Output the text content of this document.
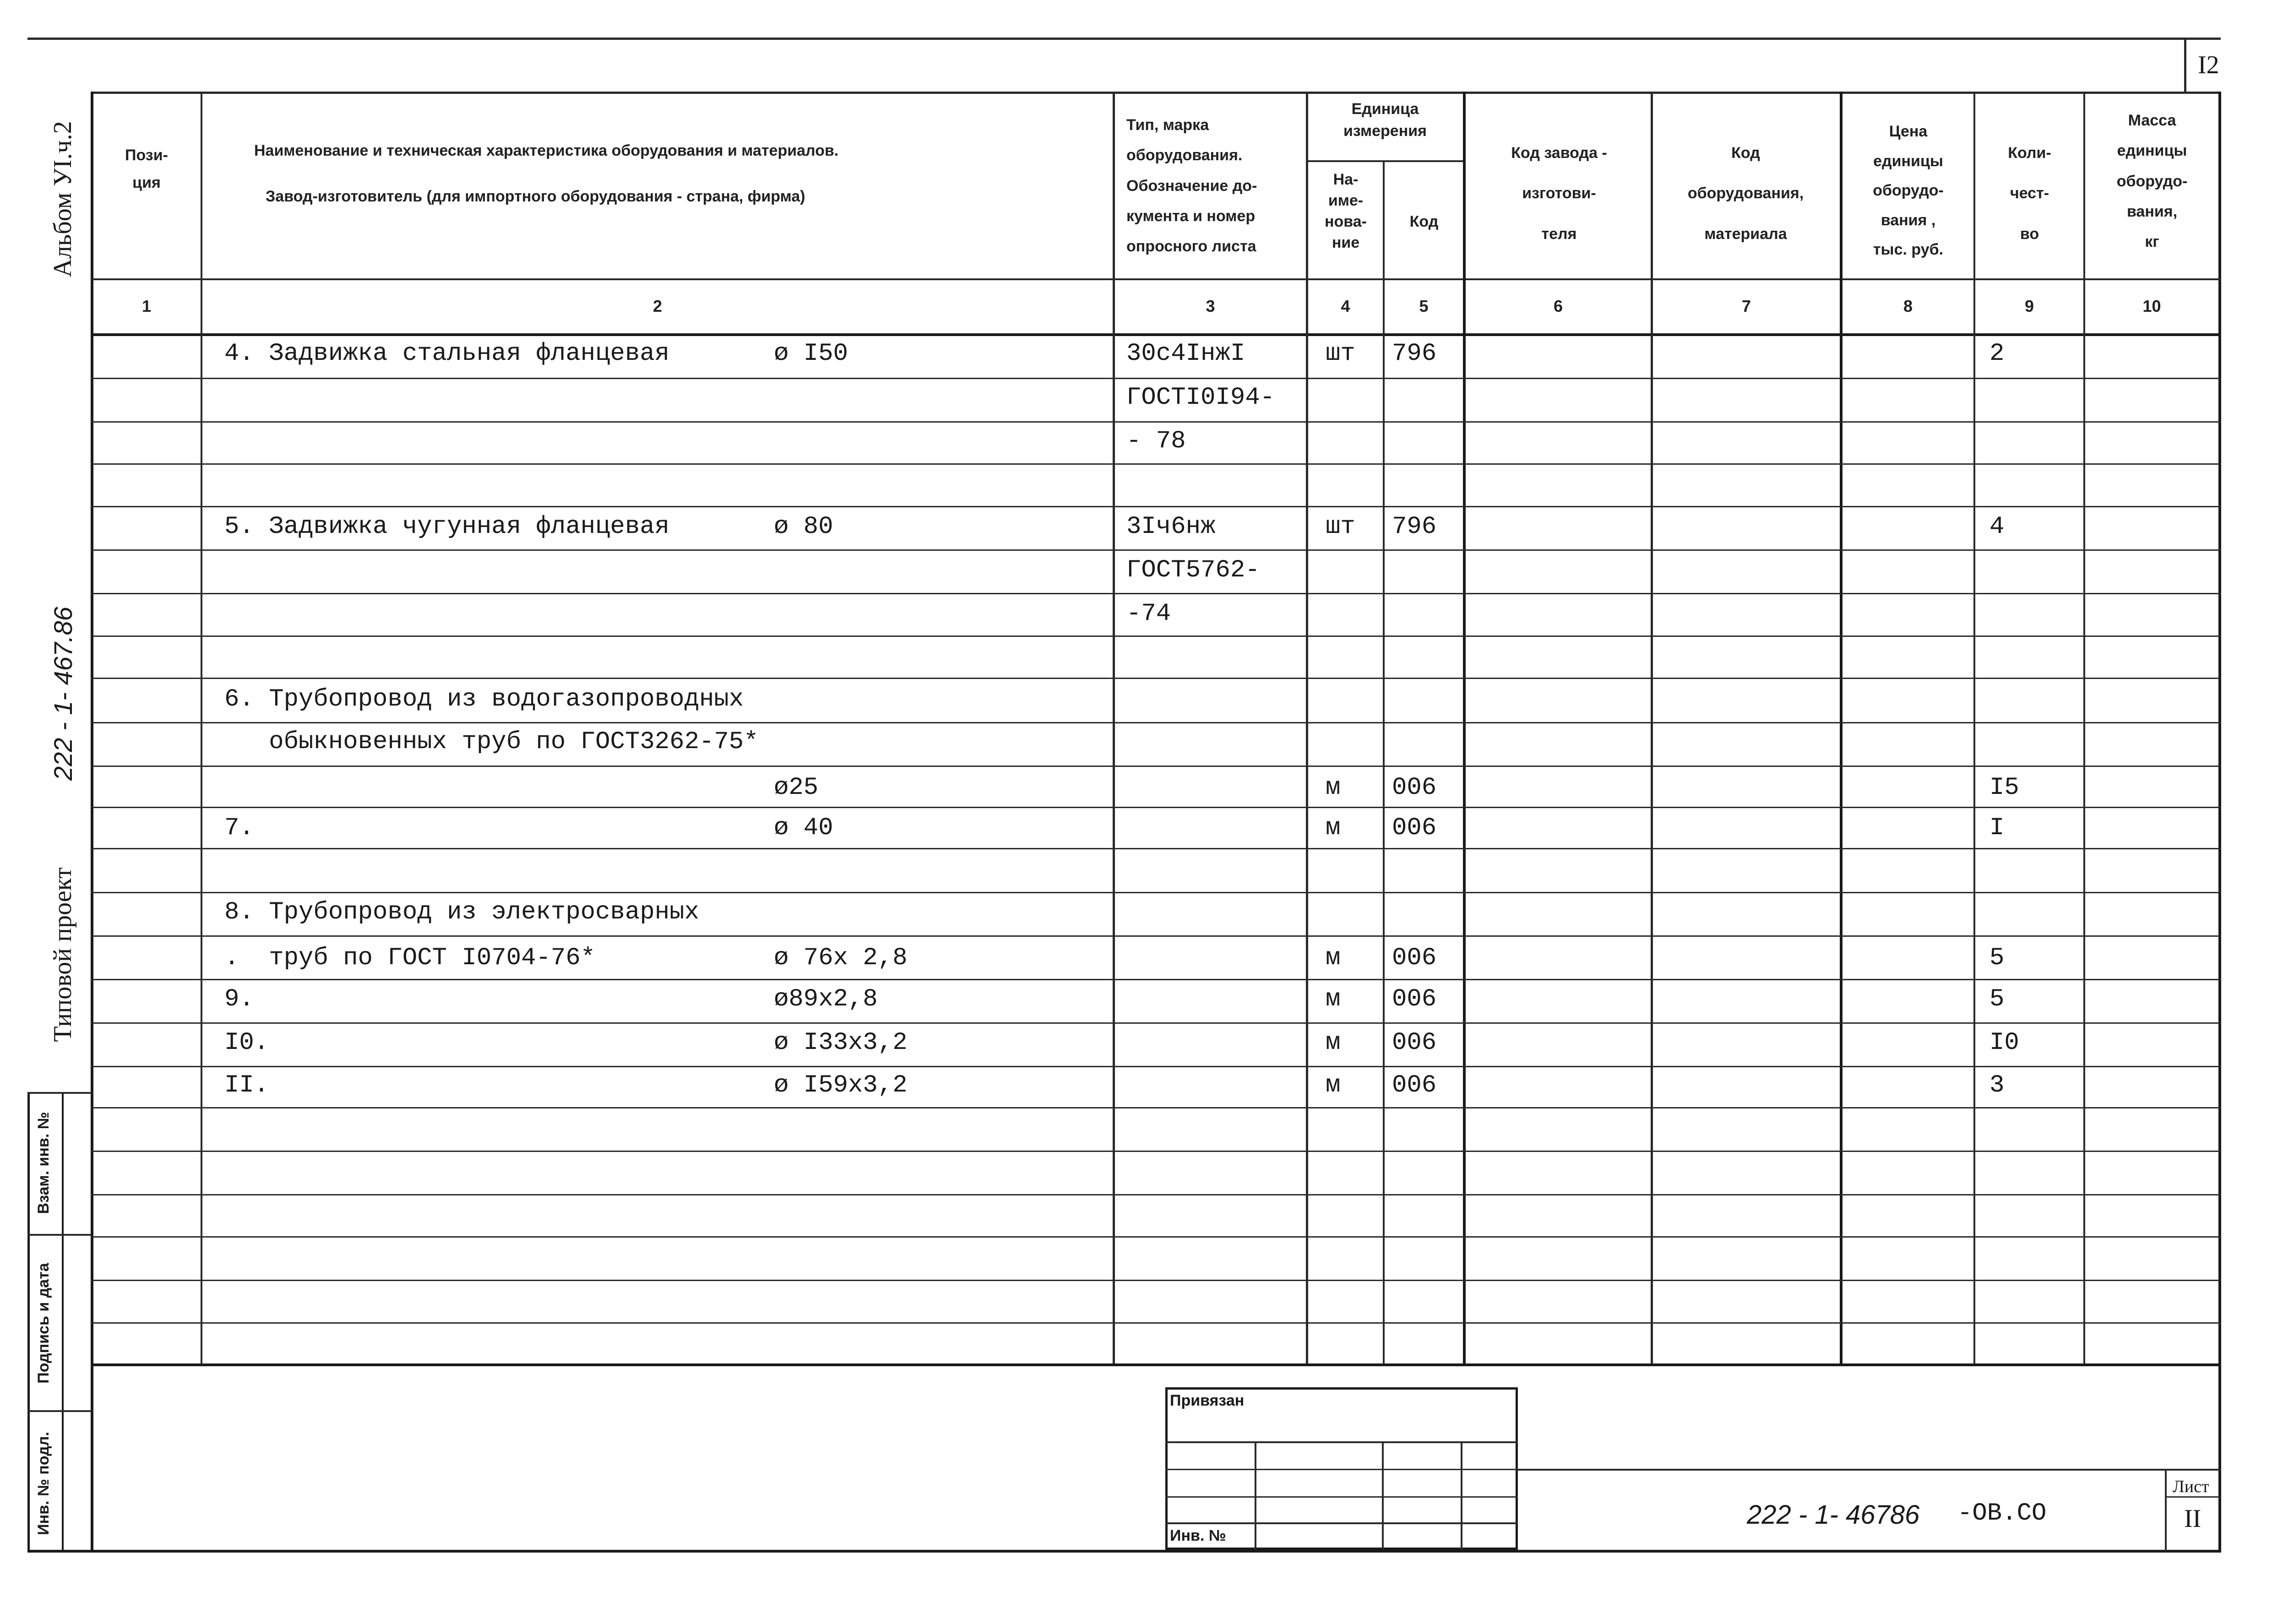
Взам. инв. №
Подпись и дата
Инв. № подл.
Альбом УI.ч.2
222 - 1- 467.86
Типовой проект
I2
Пози-
ция
Наименование и техническая характеристика оборудования и материалов.
Завод-изготовитель (для импортного оборудования - страна, фирма)
Тип, марка
оборудования.
Обозначение до-
кумента и номер
опросного листа
Единица
измерения
На-
име-
нова-
ние
Код
Код завода -
изготови-
теля
Код
оборудования,
материала
Цена
единицы
оборудо-
вания ,
тыс. руб.
Коли-
чест-
во
Масса
единицы
оборудо-
вания,
кг
1	2	3	4	5	6	7	8	9	10
4. Задвижка стальная фланцевая	ø I50	30с4IнжI	шт 796	2
ГОСТI0I94-
- 78
5. Задвижка чугунная фланцевая	ø 80	3Iч6нж	шт 796	4
ГОСТ5762-
-74
6. Трубопровод из водогазопроводных
обыкновенных труб по ГОСТ3262-75*
ø25	м 006	I5
7.	ø 40	м 006	I
8. Трубопровод из электросварных
.  труб по ГОСТ I0704-76*	ø 76х 2,8	м 006	5
9.	ø89х2,8	м 006	5
I0.	ø I33х3,2	м 006	I0
II.	ø I59х3,2	м 006	3
Привязан
Инв. №
222 - 1- 46786 -ОВ.СО
Лист
II
